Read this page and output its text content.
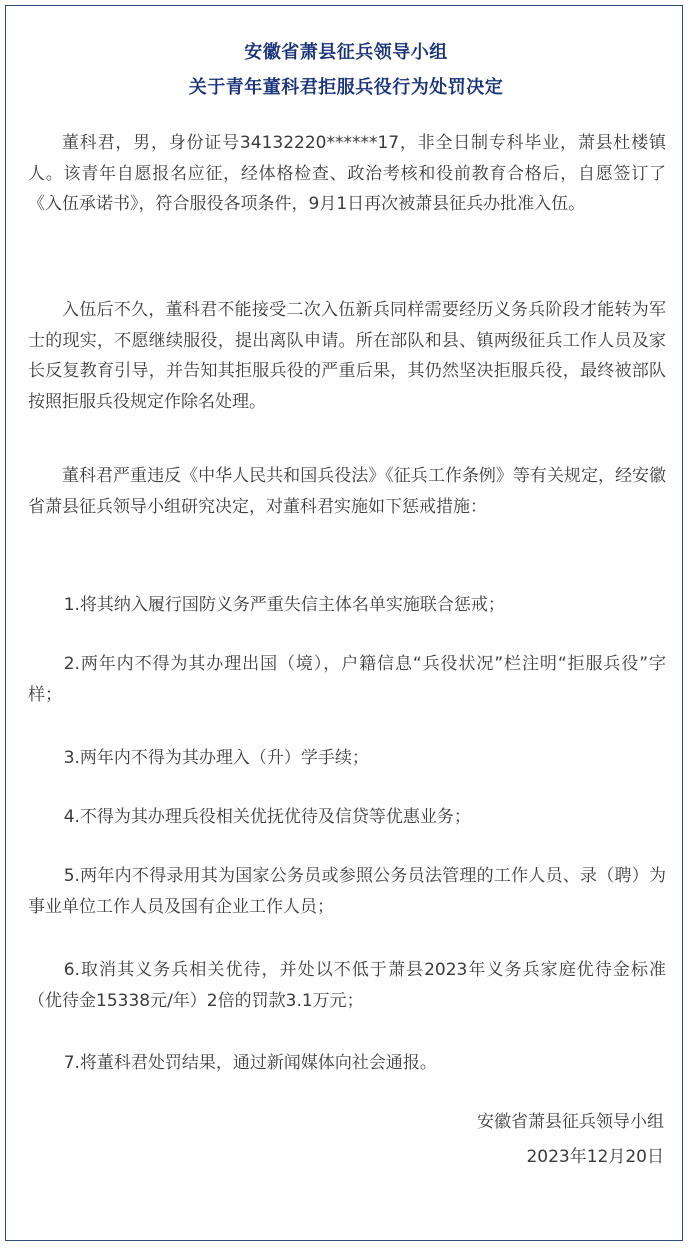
安徽省萧县征兵领导小组
关于青年董科君拒服兵役行为处罚决定

董科君，男，身份证号34132220******17，非全日制专科毕业，萧县杜楼镇人。该青年自愿报名应征，经体格检查、政治考核和役前教育合格后，自愿签订了《入伍承诺书》，符合服役各项条件，9月1日再次被萧县征兵办批准入伍。

入伍后不久，董科君不能接受二次入伍新兵同样需要经历义务兵阶段才能转为军士的现实，不愿继续服役，提出离队申请。所在部队和县、镇两级征兵工作人员及家长反复教育引导，并告知其拒服兵役的严重后果，其仍然坚决拒服兵役，最终被部队按照拒服兵役规定作除名处理。

董科君严重违反《中华人民共和国兵役法》《征兵工作条例》等有关规定，经安徽省萧县征兵领导小组研究决定，对董科君实施如下惩戒措施：

1.将其纳入履行国防义务严重失信主体名单实施联合惩戒；

2.两年内不得为其办理出国（境），户籍信息“兵役状况”栏注明“拒服兵役”字样；

3.两年内不得为其办理入（升）学手续；

4.不得为其办理兵役相关优抚优待及信贷等优惠业务；

5.两年内不得录用其为国家公务员或参照公务员法管理的工作人员、录（聘）为事业单位工作人员及国有企业工作人员；

6.取消其义务兵相关优待，并处以不低于萧县2023年义务兵家庭优待金标准（优待金15338元/年）2倍的罚款3.1万元；

7.将董科君处罚结果，通过新闻媒体向社会通报。

安徽省萧县征兵领导小组
2023年12月20日
